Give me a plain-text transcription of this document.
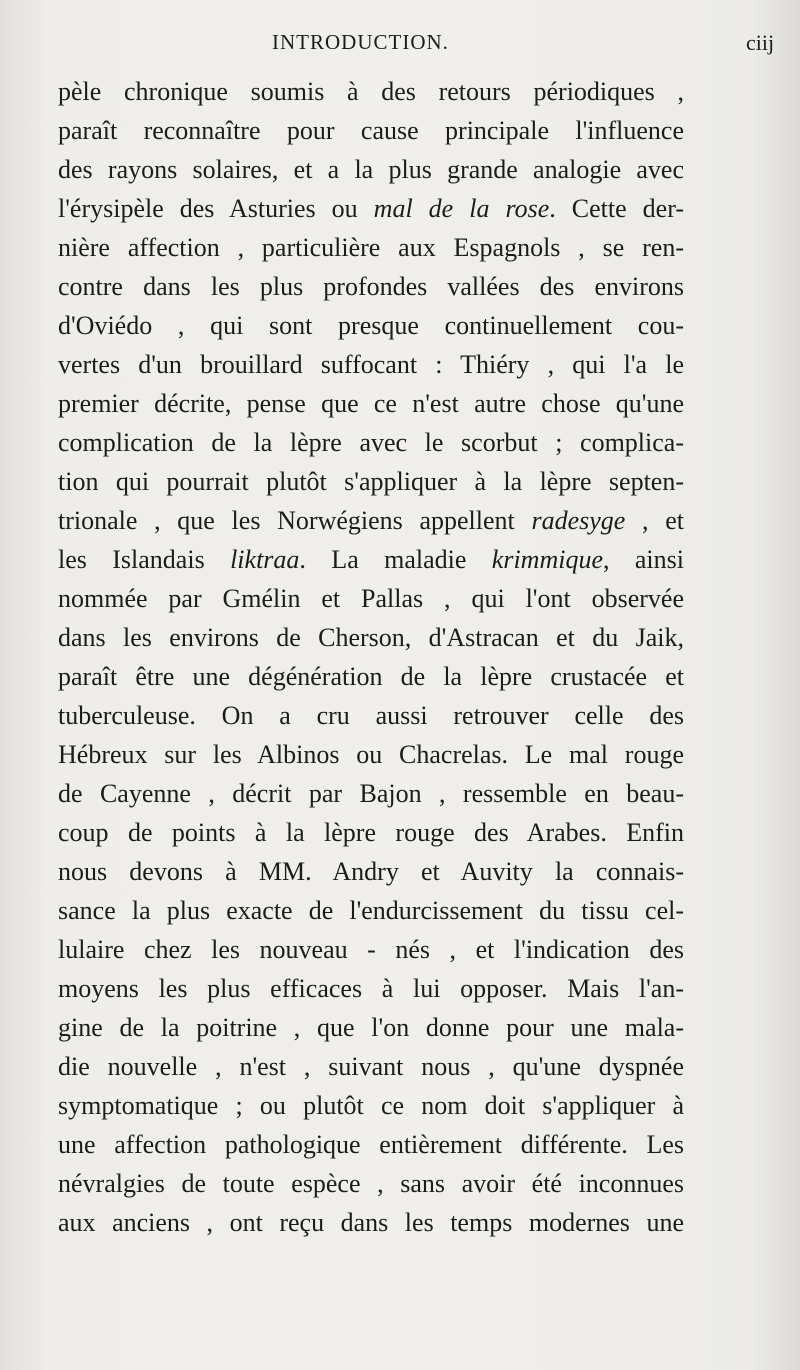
INTRODUCTION.	ciij
pèle chronique soumis à des retours périodiques ,
paraît reconnaître pour cause principale l'influence
des rayons solaires, et a la plus grande analogie avec
l'érysipèle des Asturies ou mal de la rose. Cette der-
nière affection , particulière aux Espagnols , se ren-
contre dans les plus profondes vallées des environs
d'Oviédo , qui sont presque continuellement cou-
vertes d'un brouillard suffocant : Thiéry , qui l'a le
premier décrite, pense que ce n'est autre chose qu'une
complication de la lèpre avec le scorbut ; complica-
tion qui pourrait plutôt s'appliquer à la lèpre septen-
trionale , que les Norwégiens appellent radesyge , et
les Islandais liktraa. La maladie krimmique, ainsi
nommée par Gmélin et Pallas , qui l'ont observée
dans les environs de Cherson, d'Astracan et du Jaik,
paraît être une dégénération de la lèpre crustacée et
tuberculeuse. On a cru aussi retrouver celle des
Hébreux sur les Albinos ou Chacrelas. Le mal rouge
de Cayenne , décrit par Bajon , ressemble en beau-
coup de points à la lèpre rouge des Arabes. Enfin
nous devons à MM. Andry et Auvity la connais-
sance la plus exacte de l'endurcissement du tissu cel-
lulaire chez les nouveau - nés , et l'indication des
moyens les plus efficaces à lui opposer. Mais l'an-
gine de la poitrine , que l'on donne pour une mala-
die nouvelle , n'est , suivant nous , qu'une dyspnée
symptomatique ; ou plutôt ce nom doit s'appliquer à
une affection pathologique entièrement différente. Les
névralgies de toute espèce , sans avoir été inconnues
aux anciens , ont reçu dans les temps modernes une
